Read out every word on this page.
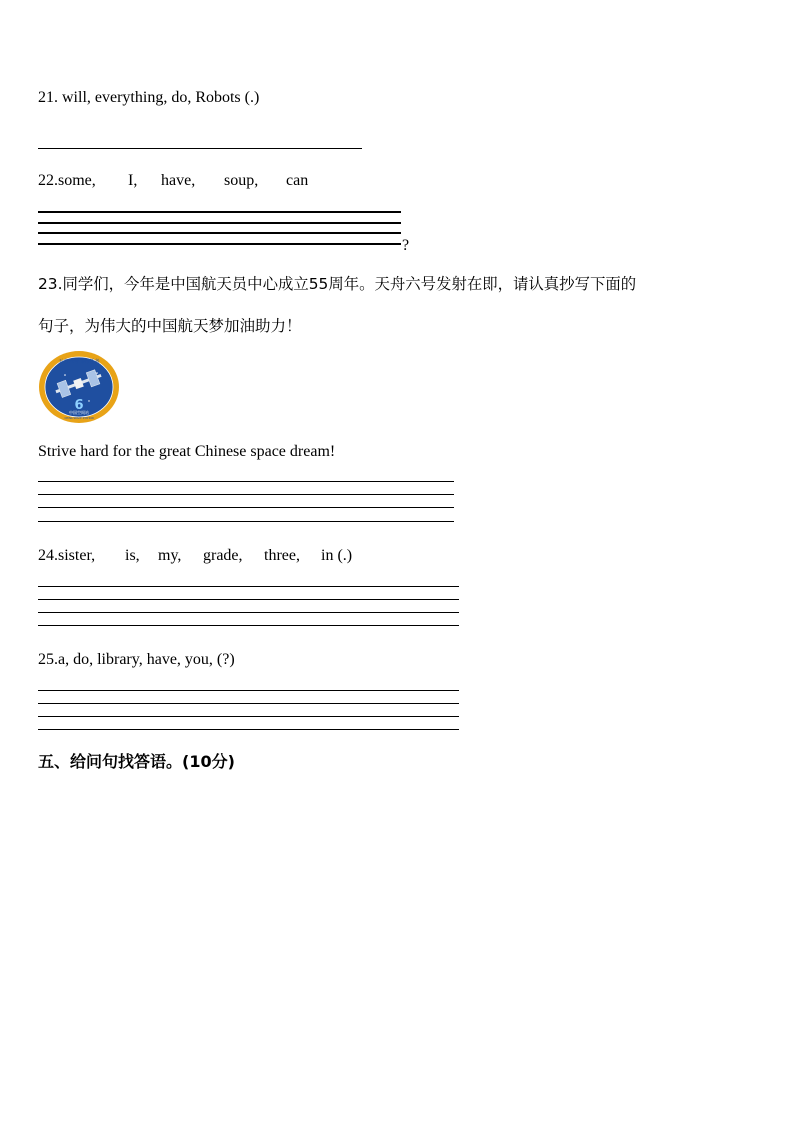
21. will, everything, do, Robots (.)
22.some, I, have, soup, can
?
23.同学们，今年是中国航天员中心成立55周年。天舟六号发射在即，请认真抄写下面的
句子，为伟大的中国航天梦加油助力！
6
天舟六号飞行任务
中国空间站
CHINA SPACE STATION
Strive hard for the great Chinese space dream!
24.sister, is, my, grade, three, in (.)
25.a, do, library, have, you, (?)
五、给问句找答语。(10分)
